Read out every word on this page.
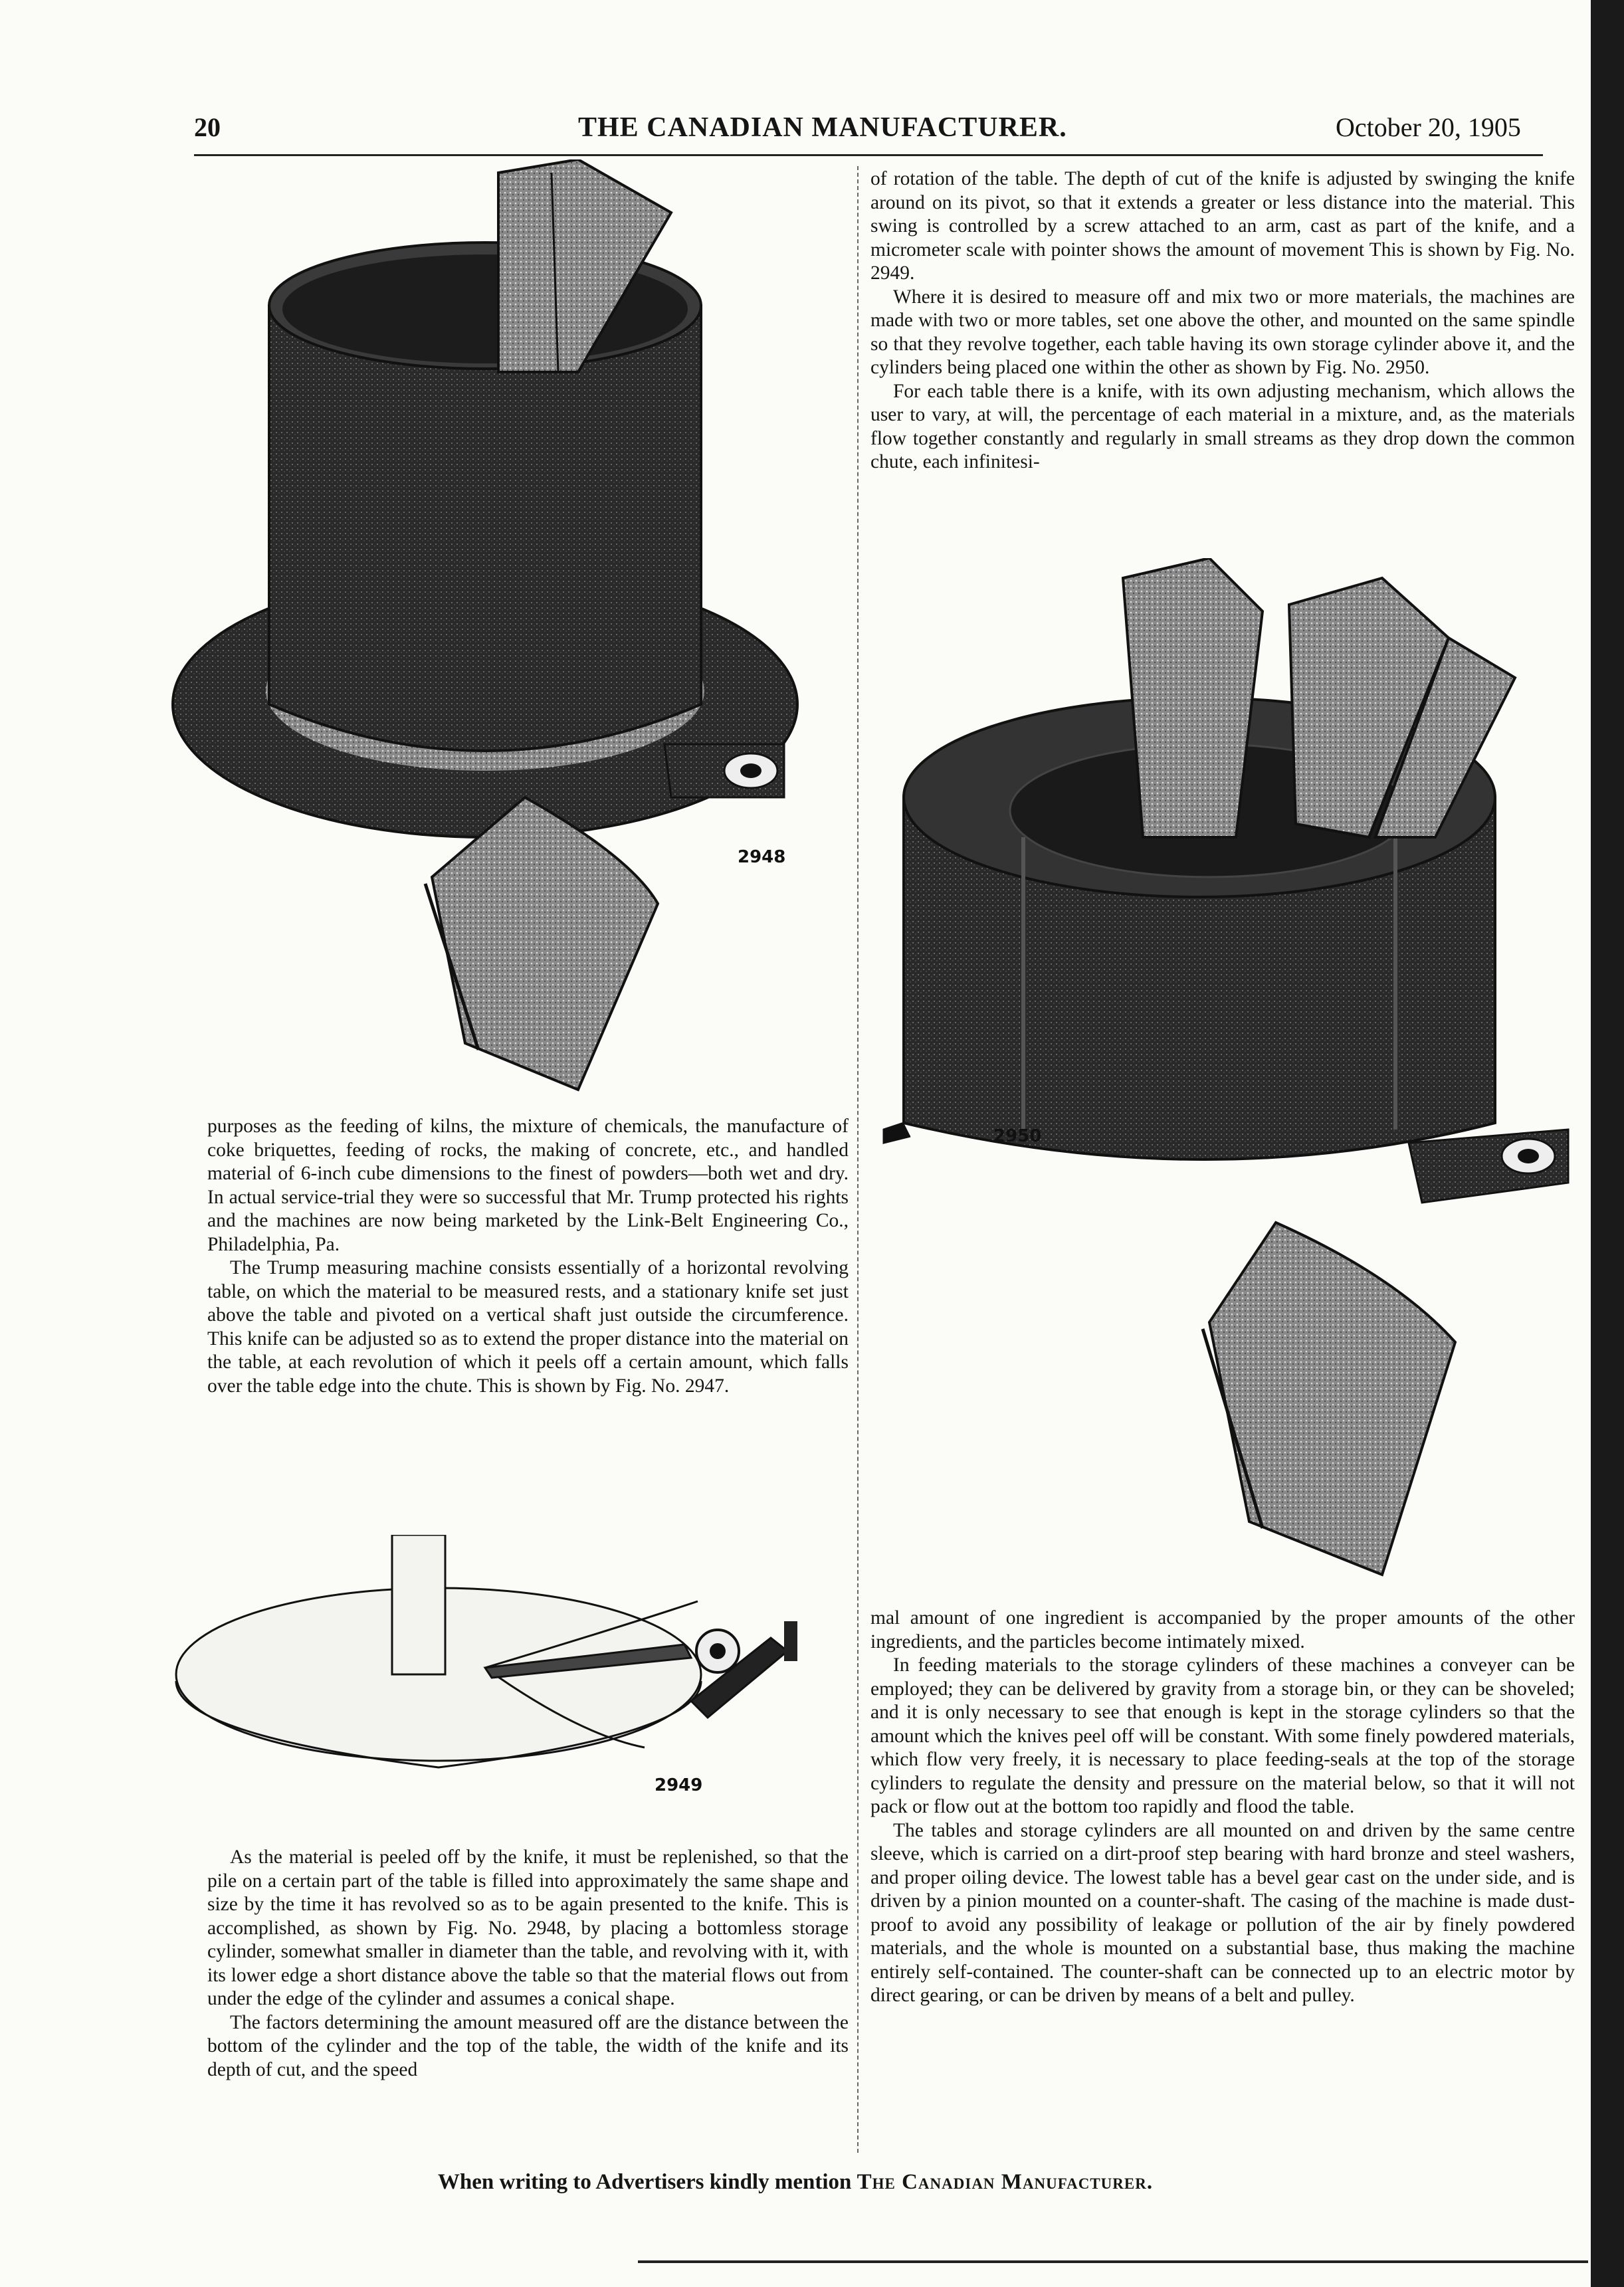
20	THE CANADIAN MANUFACTURER.	October 20, 1905
2948

of rotation of the table. The depth of cut of the knife is adjusted by swinging the knife around on its pivot, so that it extends a greater or less distance into the material. This swing is controlled by a screw attached to an arm, cast as part of the knife, and a micrometer scale with pointer shows the amount of movement This is shown by Fig. No. 2949.

Where it is desired to measure off and mix two or more materials, the machines are made with two or more tables, set one above the other, and mounted on the same spindle so that they revolve together, each table having its own storage cylinder above it, and the cylinders being placed one within the other as shown by Fig. No. 2950.

For each table there is a knife, with its own adjusting mechanism, which allows the user to vary, at will, the percentage of each material in a mixture, and, as the materials flow together constantly and regularly in small streams as they drop down the common chute, each infinitesi-

2950

purposes as the feeding of kilns, the mixture of chemicals, the manufacture of coke briquettes, feeding of rocks, the making of concrete, etc., and handled material of 6-inch cube dimensions to the finest of powders—both wet and dry. In actual service-trial they were so successful that Mr. Trump protected his rights and the machines are now being marketed by the Link-Belt Engineering Co., Philadelphia, Pa.

The Trump measuring machine consists essentially of a horizontal revolving table, on which the material to be measured rests, and a stationary knife set just above the table and pivoted on a vertical shaft just outside the circumference. This knife can be adjusted so as to extend the proper distance into the material on the table, at each revolution of which it peels off a certain amount, which falls over the table edge into the chute. This is shown by Fig. No. 2947.

2949

As the material is peeled off by the knife, it must be replenished, so that the pile on a certain part of the table is filled into approximately the same shape and size by the time it has revolved so as to be again presented to the knife. This is accomplished, as shown by Fig. No. 2948, by placing a bottomless storage cylinder, somewhat smaller in diameter than the table, and revolving with it, with its lower edge a short distance above the table so that the material flows out from under the edge of the cylinder and assumes a conical shape.

The factors determining the amount measured off are the distance between the bottom of the cylinder and the top of the table, the width of the knife and its depth of cut, and the speed

mal amount of one ingredient is accompanied by the proper amounts of the other ingredients, and the particles become intimately mixed.

In feeding materials to the storage cylinders of these machines a conveyer can be employed; they can be delivered by gravity from a storage bin, or they can be shoveled; and it is only necessary to see that enough is kept in the storage cylinders so that the amount which the knives peel off will be constant. With some finely powdered materials, which flow very freely, it is necessary to place feeding-seals at the top of the storage cylinders to regulate the density and pressure on the material below, so that it will not pack or flow out at the bottom too rapidly and flood the table.

The tables and storage cylinders are all mounted on and driven by the same centre sleeve, which is carried on a dirt-proof step bearing with hard bronze and steel washers, and proper oiling device. The lowest table has a bevel gear cast on the under side, and is driven by a pinion mounted on a counter-shaft. The casing of the machine is made dust-proof to avoid any possibility of leakage or pollution of the air by finely powdered materials, and the whole is mounted on a substantial base, thus making the machine entirely self-contained. The counter-shaft can be connected up to an electric motor by direct gearing, or can be driven by means of a belt and pulley.

When writing to Advertisers kindly mention The Canadian Manufacturer.
